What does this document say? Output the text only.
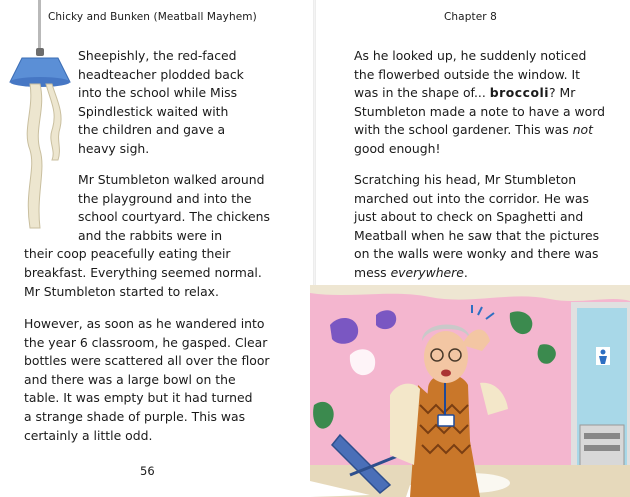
Chicky and Bunken (Meatball Mayhem)
Sheepishly, the red-faced
headteacher plodded back
into the school while Miss
Spindlestick waited with
the children and gave a
heavy sigh.
Mr Stumbleton walked around
the playground and into the
school courtyard. The chickens
and the rabbits were in
their coop peacefully eating their
breakfast. Everything seemed normal.
Mr Stumbleton started to relax.
However, as soon as he wandered into
the year 6 classroom, he gasped. Clear
bottles were scattered all over the floor
and there was a large bowl on the
table. It was empty but it had turned
a strange shade of purple. This was
certainly a little odd.
56
Chapter 8
As he looked up, he suddenly noticed
the flowerbed outside the window. It
was in the shape of... broccoli? Mr
Stumbleton made a note to have a word
with the school gardener. This was not
good enough!
Scratching his head, Mr Stumbleton
marched out into the corridor. He was
just about to check on Spaghetti and
Meatball when he saw that the pictures
on the walls were wonky and there was
mess everywhere.
